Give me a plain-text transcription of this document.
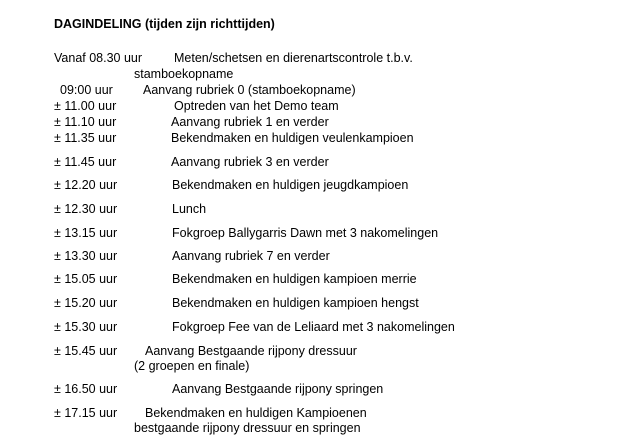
DAGINDELING (tijden zijn richttijden)
Vanaf 08.30 uur	Meten/schetsen en dierenartscontrole t.b.v.
stamboekopname
09:00 uur Aanvang rubriek 0 (stamboekopname)
± 11.00 uur	Optreden van het Demo team
± 11.10 uur	Aanvang rubriek 1 en verder
± 11.35 uur	Bekendmaken en huldigen veulenkampioen
± 11.45 uur	Aanvang rubriek 3 en verder
± 12.20 uur	Bekendmaken en huldigen jeugdkampioen
± 12.30 uur	Lunch
± 13.15 uur	Fokgroep Ballygarris Dawn met 3 nakomelingen
± 13.30 uur	Aanvang rubriek 7 en verder
± 15.05 uur	Bekendmaken en huldigen kampioen merrie
± 15.20 uur	Bekendmaken en huldigen kampioen hengst
± 15.30 uur	Fokgroep Fee van de Leliaard met 3 nakomelingen
± 15.45 uur Aanvang Bestgaande rijpony dressuur
(2 groepen en finale)
± 16.50 uur	Aanvang Bestgaande rijpony springen
± 17.15 uur Bekendmaken en huldigen Kampioenen
bestgaande rijpony dressuur en springen
